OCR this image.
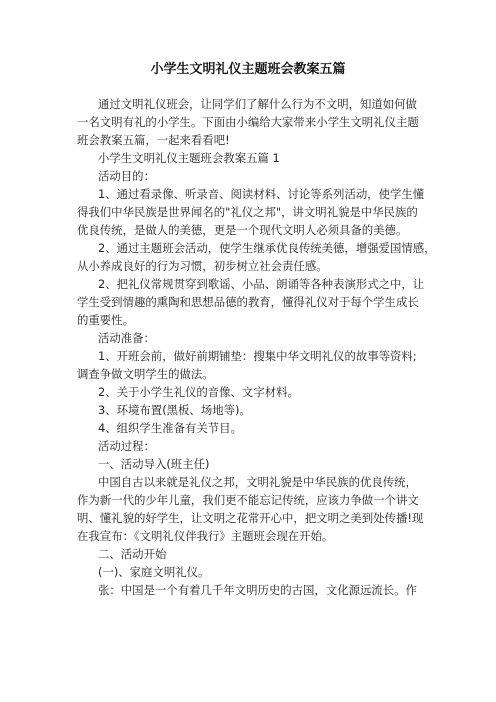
小学生文明礼仪主题班会教案五篇
通过文明礼仪班会，让同学们了解什么行为不文明，知道如何做
一名文明有礼的小学生。下面由小编给大家带来小学生文明礼仪主题
班会教案五篇，一起来看看吧!
小学生文明礼仪主题班会教案五篇 1
活动目的：
1、通过看录像、听录音、阅读材料、讨论等系列活动，使学生懂
得我们中华民族是世界闻名的"礼仪之邦"，讲文明礼貌是中华民族的
优良传统，是做人的美德，更是一个现代文明人必须具备的美德。
2、通过主题班会活动，使学生继承优良传统美德，增强爱国情感，
从小养成良好的行为习惯，初步树立社会责任感。
2、把礼仪常规贯穿到歌谣、小品、朗诵等各种表演形式之中，让
学生受到情趣的熏陶和思想品德的教育，懂得礼仪对于每个学生成长
的重要性。
活动准备：
1、开班会前，做好前期铺垫：搜集中华文明礼仪的故事等资料;
调查争做文明学生的做法。
2、关于小学生礼仪的音像、文字材料。
3、环境布置(黑板、场地等)。
4、组织学生准备有关节目。
活动过程：
一、活动导入(班主任)
中国自古以来就是礼仪之邦，文明礼貌是中华民族的优良传统，
作为新一代的少年儿童，我们更不能忘记传统，应该力争做一个讲文
明、懂礼貌的好学生，让文明之花常开心中，把文明之美到处传播!现
在我宣布：《文明礼仪伴我行》主题班会现在开始。
二、活动开始
(一)、家庭文明礼仪。
张：中国是一个有着几千年文明历史的古国，文化源远流长。作
